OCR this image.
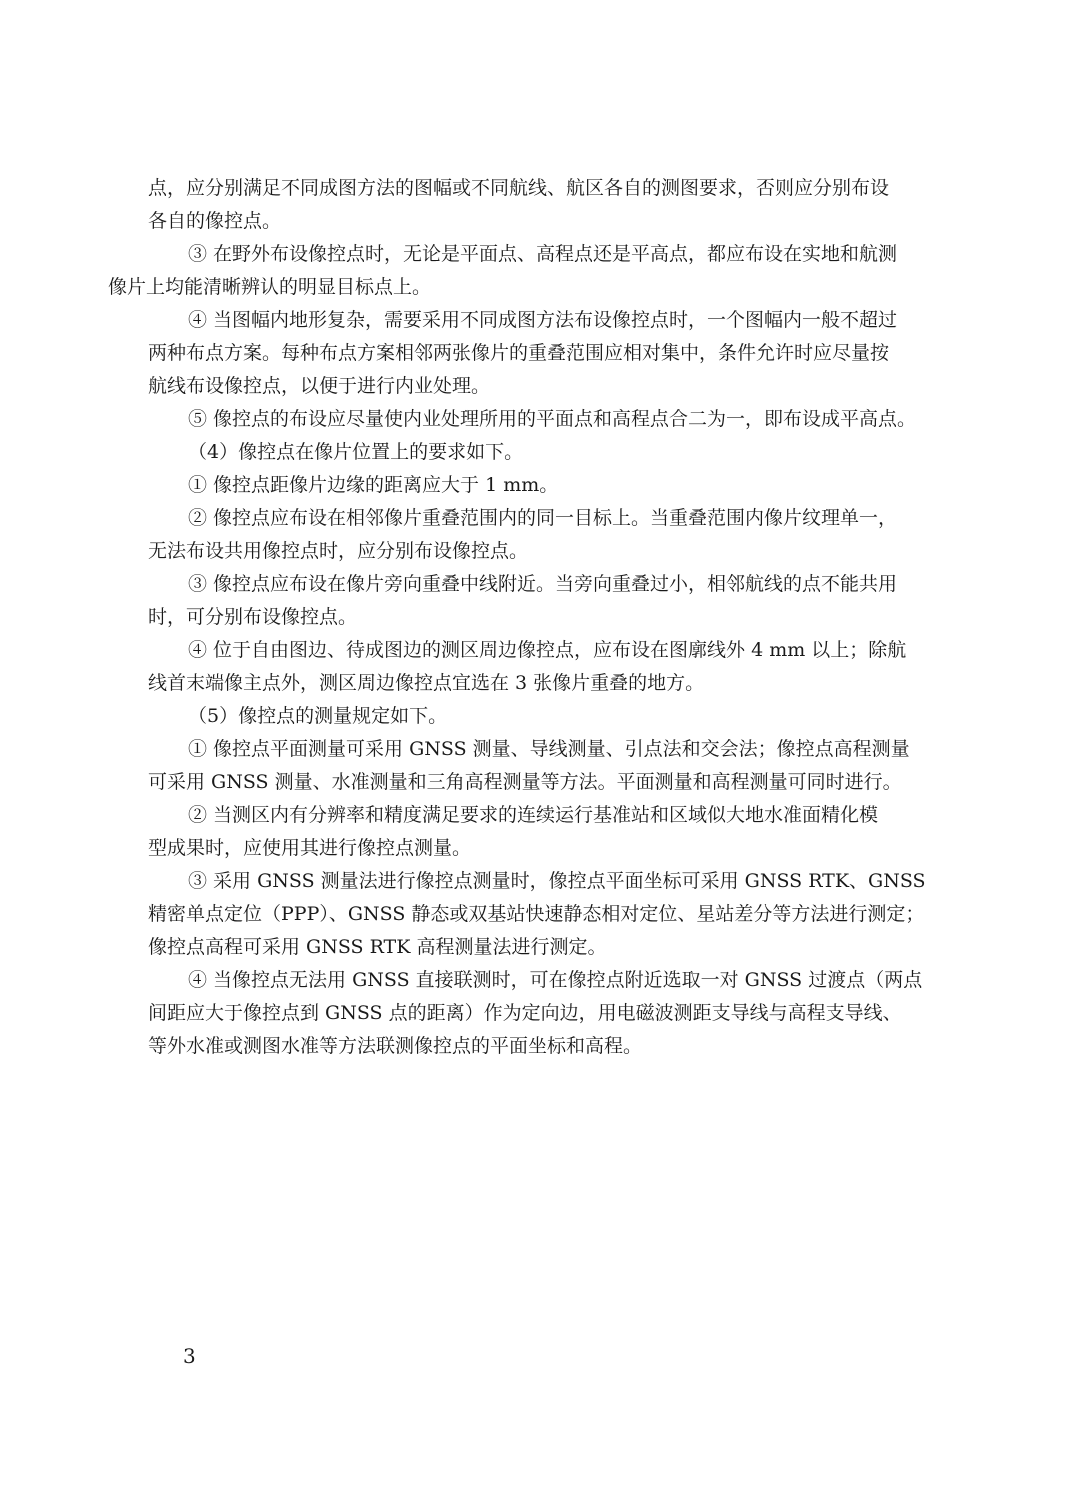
点，应分别满足不同成图方法的图幅或不同航线、航区各自的测图要求，否则应分别布设
各自的像控点。

③ 在野外布设像控点时，无论是平面点、高程点还是平高点，都应布设在实地和航测
像片上均能清晰辨认的明显目标点上。

④ 当图幅内地形复杂，需要采用不同成图方法布设像控点时，一个图幅内一般不超过
两种布点方案。每种布点方案相邻两张像片的重叠范围应相对集中，条件允许时应尽量按
航线布设像控点，以便于进行内业处理。

⑤ 像控点的布设应尽量使内业处理所用的平面点和高程点合二为一，即布设成平高点。

（4）像控点在像片位置上的要求如下。

① 像控点距像片边缘的距离应大于 1 mm。

② 像控点应布设在相邻像片重叠范围内的同一目标上。当重叠范围内像片纹理单一，
无法布设共用像控点时，应分别布设像控点。

③ 像控点应布设在像片旁向重叠中线附近。当旁向重叠过小，相邻航线的点不能共用
时，可分别布设像控点。

④ 位于自由图边、待成图边的测区周边像控点，应布设在图廓线外 4 mm 以上；除航
线首末端像主点外，测区周边像控点宜选在 3 张像片重叠的地方。

（5）像控点的测量规定如下。

① 像控点平面测量可采用 GNSS 测量、导线测量、引点法和交会法；像控点高程测量
可采用 GNSS 测量、水准测量和三角高程测量等方法。平面测量和高程测量可同时进行。

② 当测区内有分辨率和精度满足要求的连续运行基准站和区域似大地水准面精化模
型成果时，应使用其进行像控点测量。

③ 采用 GNSS 测量法进行像控点测量时，像控点平面坐标可采用 GNSS RTK、GNSS
精密单点定位（PPP）、GNSS 静态或双基站快速静态相对定位、星站差分等方法进行测定；
像控点高程可采用 GNSS RTK 高程测量法进行测定。

④ 当像控点无法用 GNSS 直接联测时，可在像控点附近选取一对 GNSS 过渡点（两点
间距应大于像控点到 GNSS 点的距离）作为定向边，用电磁波测距支导线与高程支导线、
等外水准或测图水准等方法联测像控点的平面坐标和高程。

3
